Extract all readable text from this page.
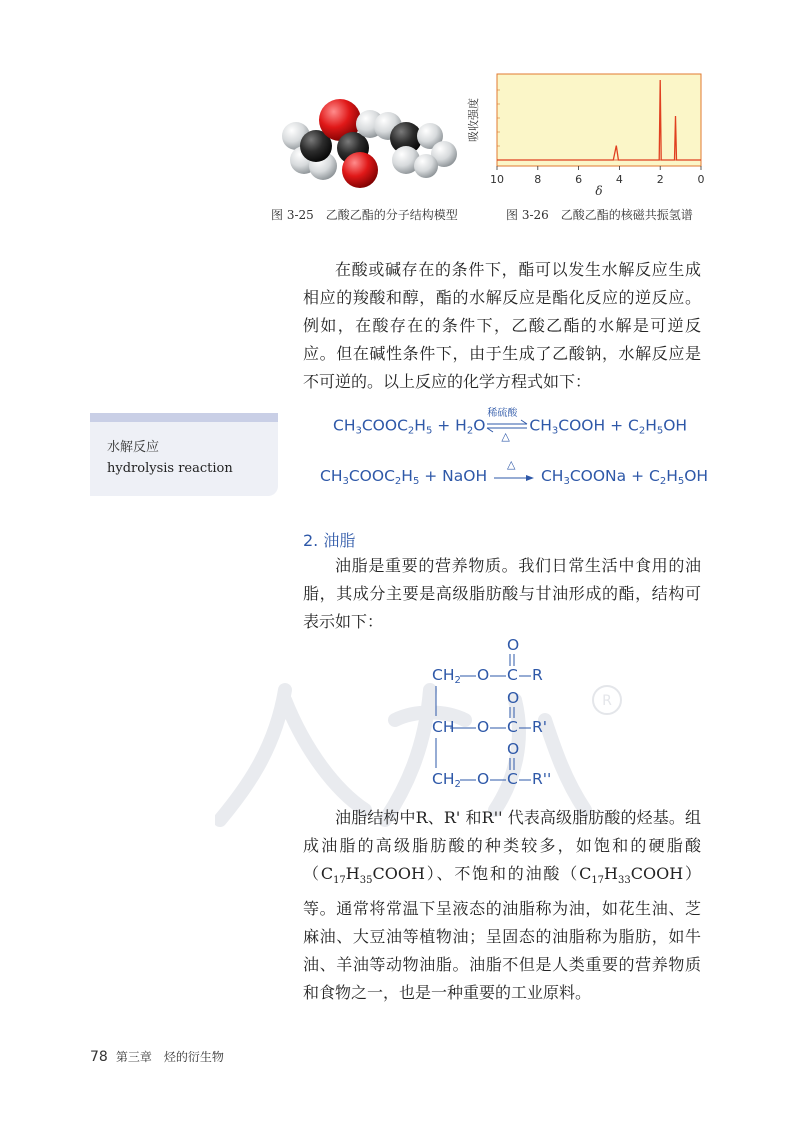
图 3-25　乙酸乙酯的分子结构模型
10	8	6	4	2	0
吸收强度
δ
图 3-26　乙酸乙酯的核磁共振氢谱

在酸或碱存在的条件下，酯可以发生水解反应生成相应的羧酸和醇，酯的水解反应是酯化反应的逆反应。例如，在酸存在的条件下，乙酸乙酯的水解是可逆反应。但在碱性条件下，由于生成了乙酸钠，水解反应是不可逆的。以上反应的化学方程式如下：

水解反应
hydrolysis reaction
$CH_3COOC_2H_5 + H_2O$
稀硫酸
△
$CH_3COOH + C_2H_5OH$
$CH_3COOC_2H_5$ + NaOH
△
$CH_3COONa + C_2H_5OH$
2. 油脂

油脂是重要的营养物质。我们日常生活中食用的油脂，其成分主要是高级脂肪酸与甘油形成的酯，结构可表示如下：

R
$CH_2$ O
O
C R
CH O
O
C R'
$CH_2$ O
O
C R''

油脂结构中R、R' 和R'' 代表高级脂肪酸的烃基。组成油脂的高级脂肪酸的种类较多，如饱和的硬脂酸$(C_{17}H_{35}COOH)$、不饱和的油酸$(C_{17}H_{33}COOH)$等。通常将常温下呈液态的油脂称为油，如花生油、芝麻油、大豆油等植物油；呈固态的油脂称为脂肪，如牛油、羊油等动物油脂。油脂不但是人类重要的营养物质和食物之一，也是一种重要的工业原料。

78 第三章　烃的衍生物
